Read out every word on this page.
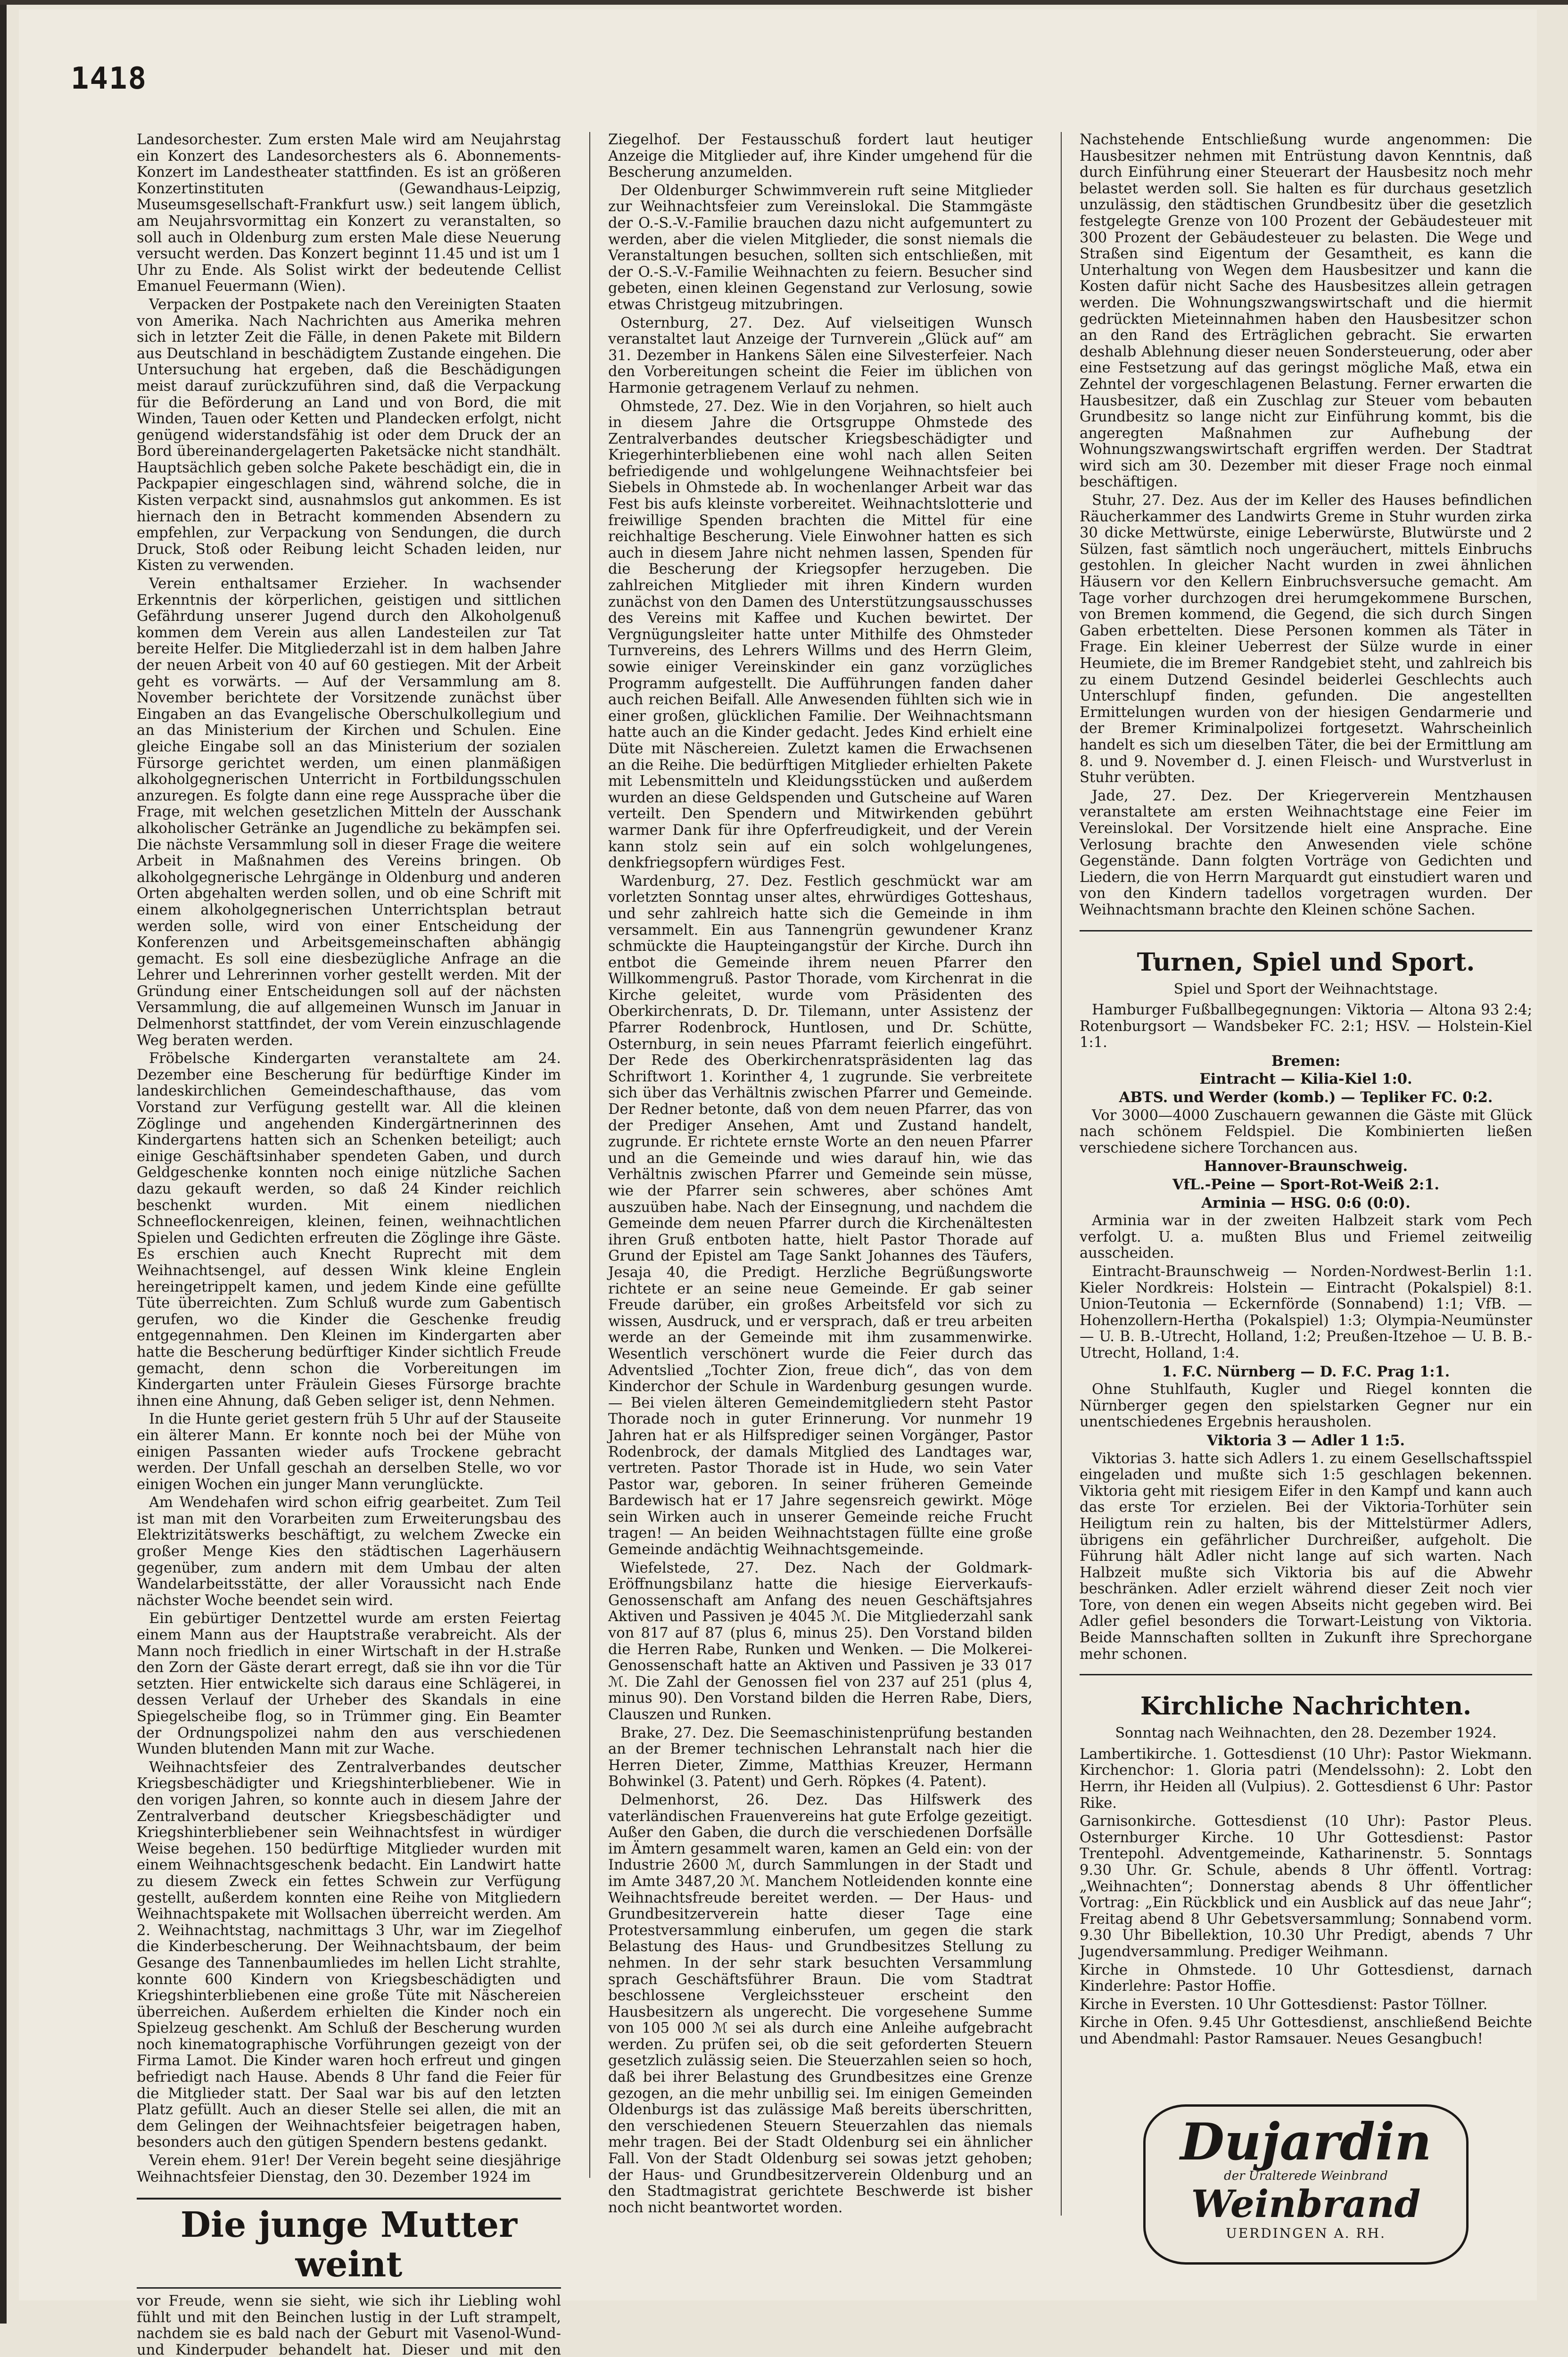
1418

Landesorchester. Zum ersten Male wird am Neujahrstag ein Konzert des Landesorchesters als 6. Abonnements-Konzert im Landestheater stattfinden. Es ist an größeren Konzertinstituten (Gewandhaus-Leipzig, Museumsgesellschaft-Frankfurt usw.) seit langem üblich, am Neujahrsvormittag ein Konzert zu veranstalten, so soll auch in Oldenburg zum ersten Male diese Neuerung versucht werden. Das Konzert beginnt 11.45 und ist um 1 Uhr zu Ende. Als Solist wirkt der bedeutende Cellist Emanuel Feuermann (Wien).

Verpacken der Postpakete nach den Vereinigten Staaten von Amerika. Nach Nachrichten aus Amerika mehren sich in letzter Zeit die Fälle, in denen Pakete mit Bildern aus Deutschland in beschädigtem Zustande eingehen. Die Untersuchung hat ergeben, daß die Beschädigungen meist darauf zurückzuführen sind, daß die Verpackung für die Beförderung an Land und von Bord, die mit Winden, Tauen oder Ketten und Plandecken erfolgt, nicht genügend widerstandsfähig ist oder dem Druck der an Bord übereinandergelagerten Paketsäcke nicht standhält. Hauptsächlich geben solche Pakete beschädigt ein, die in Packpapier eingeschlagen sind, während solche, die in Kisten verpackt sind, ausnahmslos gut ankommen. Es ist hiernach den in Betracht kommenden Absendern zu empfehlen, zur Verpackung von Sendungen, die durch Druck, Stoß oder Reibung leicht Schaden leiden, nur Kisten zu verwenden.

Verein enthaltsamer Erzieher. In wachsender Erkenntnis der körperlichen, geistigen und sittlichen Gefährdung unserer Jugend durch den Alkoholgenuß kommen dem Verein aus allen Landesteilen zur Tat bereite Helfer. Die Mitgliederzahl ist in dem halben Jahre der neuen Arbeit von 40 auf 60 gestiegen. Mit der Arbeit geht es vorwärts. — Auf der Versammlung am 8. November berichtete der Vorsitzende zunächst über Eingaben an das Evangelische Oberschulkollegium und an das Ministerium der Kirchen und Schulen. Eine gleiche Eingabe soll an das Ministerium der sozialen Fürsorge gerichtet werden, um einen planmäßigen alkoholgegnerischen Unterricht in Fortbildungsschulen anzuregen. Es folgte dann eine rege Aussprache über die Frage, mit welchen gesetzlichen Mitteln der Ausschank alkoholischer Getränke an Jugendliche zu bekämpfen sei. Die nächste Versammlung soll in dieser Frage die weitere Arbeit in Maßnahmen des Vereins bringen. Ob alkoholgegnerische Lehrgänge in Oldenburg und anderen Orten abgehalten werden sollen, und ob eine Schrift mit einem alkoholgegnerischen Unterrichtsplan betraut werden solle, wird von einer Entscheidung der Konferenzen und Arbeitsgemeinschaften abhängig gemacht. Es soll eine diesbezügliche Anfrage an die Lehrer und Lehrerinnen vorher gestellt werden. Mit der Gründung einer Entscheidungen soll auf der nächsten Versammlung, die auf allgemeinen Wunsch im Januar in Delmenhorst stattfindet, der vom Verein einzuschlagende Weg beraten werden.

Fröbelsche Kindergarten veranstaltete am 24. Dezember eine Bescherung für bedürftige Kinder im landeskirchlichen Gemeindeschafthause, das vom Vorstand zur Verfügung gestellt war. All die kleinen Zöglinge und angehenden Kindergärtnerinnen des Kindergartens hatten sich an Schenken beteiligt; auch einige Geschäftsinhaber spendeten Gaben, und durch Geldgeschenke konnten noch einige nützliche Sachen dazu gekauft werden, so daß 24 Kinder reichlich beschenkt wurden. Mit einem niedlichen Schneeflockenreigen, kleinen, feinen, weihnachtlichen Spielen und Gedichten erfreuten die Zöglinge ihre Gäste. Es erschien auch Knecht Ruprecht mit dem Weihnachtsengel, auf dessen Wink kleine Englein hereingetrippelt kamen, und jedem Kinde eine gefüllte Tüte überreichten. Zum Schluß wurde zum Gabentisch gerufen, wo die Kinder die Geschenke freudig entgegennahmen. Den Kleinen im Kindergarten aber hatte die Bescherung bedürftiger Kinder sichtlich Freude gemacht, denn schon die Vorbereitungen im Kindergarten unter Fräulein Gieses Fürsorge brachte ihnen eine Ahnung, daß Geben seliger ist, denn Nehmen.

In die Hunte geriet gestern früh 5 Uhr auf der Stauseite ein älterer Mann. Er konnte noch bei der Mühe von einigen Passanten wieder aufs Trockene gebracht werden. Der Unfall geschah an derselben Stelle, wo vor einigen Wochen ein junger Mann verunglückte.

Am Wendehafen wird schon eifrig gearbeitet. Zum Teil ist man mit den Vorarbeiten zum Erweiterungsbau des Elektrizitätswerks beschäftigt, zu welchem Zwecke ein großer Menge Kies den städtischen Lagerhäusern gegenüber, zum andern mit dem Umbau der alten Wandelarbeitsstätte, der aller Voraussicht nach Ende nächster Woche beendet sein wird.

Ein gebürtiger Dentzettel wurde am ersten Feiertag einem Mann aus der Hauptstraße verabreicht. Als der Mann noch friedlich in einer Wirtschaft in der H.straße den Zorn der Gäste derart erregt, daß sie ihn vor die Tür setzten. Hier entwickelte sich daraus eine Schlägerei, in dessen Verlauf der Urheber des Skandals in eine Spiegelscheibe flog, so in Trümmer ging. Ein Beamter der Ordnungspolizei nahm den aus verschiedenen Wunden blutenden Mann mit zur Wache.

Weihnachtsfeier des Zentralverbandes deutscher Kriegsbeschädigter und Kriegshinterbliebener. Wie in den vorigen Jahren, so konnte auch in diesem Jahre der Zentralverband deutscher Kriegsbeschädigter und Kriegshinterbliebener sein Weihnachtsfest in würdiger Weise begehen. 150 bedürftige Mitglieder wurden mit einem Weihnachtsgeschenk bedacht. Ein Landwirt hatte zu diesem Zweck ein fettes Schwein zur Verfügung gestellt, außerdem konnten eine Reihe von Mitgliedern Weihnachtspakete mit Wollsachen überreicht werden. Am 2. Weihnachtstag, nachmittags 3 Uhr, war im Ziegelhof die Kinderbescherung. Der Weihnachtsbaum, der beim Gesange des Tannenbaumliedes im hellen Licht strahlte, konnte 600 Kindern von Kriegsbeschädigten und Kriegshinterbliebenen eine große Tüte mit Näschereien überreichen. Außerdem erhielten die Kinder noch ein Spielzeug geschenkt. Am Schluß der Bescherung wurden noch kinematographische Vorführungen gezeigt von der Firma Lamot. Die Kinder waren hoch erfreut und gingen befriedigt nach Hause. Abends 8 Uhr fand die Feier für die Mitglieder statt. Der Saal war bis auf den letzten Platz gefüllt. Auch an dieser Stelle sei allen, die mit an dem Gelingen der Weihnachtsfeier beigetragen haben, besonders auch den gütigen Spendern bestens gedankt.

Verein ehem. 91er! Der Verein begeht seine diesjährige Weihnachtsfeier Dienstag, den 30. Dezember 1924 im

Die junge Mutter weint

vor Freude, wenn sie sieht, wie sich ihr Liebling wohl fühlt und mit den Beinchen lustig in der Luft strampelt, nachdem sie es bald nach der Geburt mit Vasenol-Wund- und Kinderpuder behandelt hat. Dieser und mit den

Ziegelhof. Der Festausschuß fordert laut heutiger Anzeige die Mitglieder auf, ihre Kinder umgehend für die Bescherung anzumelden.

Der Oldenburger Schwimmverein ruft seine Mitglieder zur Weihnachtsfeier zum Vereinslokal. Die Stammgäste der O.-S.-V.-Familie brauchen dazu nicht aufgemuntert zu werden, aber die vielen Mitglieder, die sonst niemals die Veranstaltungen besuchen, sollten sich entschließen, mit der O.-S.-V.-Familie Weihnachten zu feiern. Besucher sind gebeten, einen kleinen Gegenstand zur Verlosung, sowie etwas Christgeug mitzubringen.

Osternburg, 27. Dez. Auf vielseitigen Wunsch veranstaltet laut Anzeige der Turnverein „Glück auf“ am 31. Dezember in Hankens Sälen eine Silvesterfeier. Nach den Vorbereitungen scheint die Feier im üblichen von Harmonie getragenem Verlauf zu nehmen.

Ohmstede, 27. Dez. Wie in den Vorjahren, so hielt auch in diesem Jahre die Ortsgruppe Ohmstede des Zentralverbandes deutscher Kriegsbeschädigter und Kriegerhinterbliebenen eine wohl nach allen Seiten befriedigende und wohlgelungene Weihnachtsfeier bei Siebels in Ohmstede ab. In wochenlanger Arbeit war das Fest bis aufs kleinste vorbereitet. Weihnachtslotterie und freiwillige Spenden brachten die Mittel für eine reichhaltige Bescherung. Viele Einwohner hatten es sich auch in diesem Jahre nicht nehmen lassen, Spenden für die Bescherung der Kriegsopfer herzugeben. Die zahlreichen Mitglieder mit ihren Kindern wurden zunächst von den Damen des Unterstützungsausschusses des Vereins mit Kaffee und Kuchen bewirtet. Der Vergnügungsleiter hatte unter Mithilfe des Ohmsteder Turnvereins, des Lehrers Willms und des Herrn Gleim, sowie einiger Vereinskinder ein ganz vorzügliches Programm aufgestellt. Die Aufführungen fanden daher auch reichen Beifall. Alle Anwesenden fühlten sich wie in einer großen, glücklichen Familie. Der Weihnachtsmann hatte auch an die Kinder gedacht. Jedes Kind erhielt eine Düte mit Näschereien. Zuletzt kamen die Erwachsenen an die Reihe. Die bedürftigen Mitglieder erhielten Pakete mit Lebensmitteln und Kleidungsstücken und außerdem wurden an diese Geldspenden und Gutscheine auf Waren verteilt. Den Spendern und Mitwirkenden gebührt warmer Dank für ihre Opferfreudigkeit, und der Verein kann stolz sein auf ein solch wohlgelungenes, denkfriegsopfern würdiges Fest.

Wardenburg, 27. Dez. Festlich geschmückt war am vorletzten Sonntag unser altes, ehrwürdiges Gotteshaus, und sehr zahlreich hatte sich die Gemeinde in ihm versammelt. Ein aus Tannengrün gewundener Kranz schmückte die Haupteingangstür der Kirche. Durch ihn entbot die Gemeinde ihrem neuen Pfarrer den Willkommengruß. Pastor Thorade, vom Kirchenrat in die Kirche geleitet, wurde vom Präsidenten des Oberkirchenrats, D. Dr. Tilemann, unter Assistenz der Pfarrer Rodenbrock, Huntlosen, und Dr. Schütte, Osternburg, in sein neues Pfarramt feierlich eingeführt. Der Rede des Oberkirchenratspräsidenten lag das Schriftwort 1. Korinther 4, 1 zugrunde. Sie verbreitete sich über das Verhältnis zwischen Pfarrer und Gemeinde. Der Redner betonte, daß von dem neuen Pfarrer, das von der Prediger Ansehen, Amt und Zustand handelt, zugrunde. Er richtete ernste Worte an den neuen Pfarrer und an die Gemeinde und wies darauf hin, wie das Verhältnis zwischen Pfarrer und Gemeinde sein müsse, wie der Pfarrer sein schweres, aber schönes Amt auszuüben habe. Nach der Einsegnung, und nachdem die Gemeinde dem neuen Pfarrer durch die Kirchenältesten ihren Gruß entboten hatte, hielt Pastor Thorade auf Grund der Epistel am Tage Sankt Johannes des Täufers, Jesaja 40, die Predigt. Herzliche Begrüßungsworte richtete er an seine neue Gemeinde. Er gab seiner Freude darüber, ein großes Arbeitsfeld vor sich zu wissen, Ausdruck, und er versprach, daß er treu arbeiten werde an der Gemeinde mit ihm zusammenwirke. Wesentlich verschönert wurde die Feier durch das Adventslied „Tochter Zion, freue dich“, das von dem Kinderchor der Schule in Wardenburg gesungen wurde. — Bei vielen älteren Gemeindemitgliedern steht Pastor Thorade noch in guter Erinnerung. Vor nunmehr 19 Jahren hat er als Hilfsprediger seinen Vorgänger, Pastor Rodenbrock, der damals Mitglied des Landtages war, vertreten. Pastor Thorade ist in Hude, wo sein Vater Pastor war, geboren. In seiner früheren Gemeinde Bardewisch hat er 17 Jahre segensreich gewirkt. Möge sein Wirken auch in unserer Gemeinde reiche Frucht tragen! — An beiden Weihnachtstagen füllte eine große Gemeinde andächtig Weihnachtsgemeinde.

Wiefelstede, 27. Dez. Nach der Goldmark-Eröffnungsbilanz hatte die hiesige Eierverkaufs-Genossenschaft am Anfang des neuen Geschäftsjahres Aktiven und Passiven je 4045 ℳ. Die Mitgliederzahl sank von 817 auf 87 (plus 6, minus 25). Den Vorstand bilden die Herren Rabe, Runken und Wenken. — Die Molkerei-Genossenschaft hatte an Aktiven und Passiven je 33 017 ℳ. Die Zahl der Genossen fiel von 237 auf 251 (plus 4, minus 90). Den Vorstand bilden die Herren Rabe, Diers, Clauszen und Runken.

Brake, 27. Dez. Die Seemaschinistenprüfung bestanden an der Bremer technischen Lehranstalt nach hier die Herren Dieter, Zimme, Matthias Kreuzer, Hermann Bohwinkel (3. Patent) und Gerh. Röpkes (4. Patent).

Delmenhorst, 26. Dez. Das Hilfswerk des vaterländischen Frauenvereins hat gute Erfolge gezeitigt. Außer den Gaben, die durch die verschiedenen Dorfsälle im Ämtern gesammelt waren, kamen an Geld ein: von der Industrie 2600 ℳ, durch Sammlungen in der Stadt und im Amte 3487,20 ℳ. Manchem Notleidenden konnte eine Weihnachtsfreude bereitet werden. — Der Haus- und Grundbesitzerverein hatte dieser Tage eine Protestversammlung einberufen, um gegen die stark Belastung des Haus- und Grundbesitzes Stellung zu nehmen. In der sehr stark besuchten Versammlung sprach Geschäftsführer Braun. Die vom Stadtrat beschlossene Vergleichssteuer erscheint den Hausbesitzern als ungerecht. Die vorgesehene Summe von 105 000 ℳ sei als durch eine Anleihe aufgebracht werden. Zu prüfen sei, ob die seit geforderten Steuern gesetzlich zulässig seien. Die Steuerzahlen seien so hoch, daß bei ihrer Belastung des Grundbesitzes eine Grenze gezogen, an die mehr unbillig sei. Im einigen Gemeinden Oldenburgs ist das zulässige Maß bereits überschritten, den verschiedenen Steuern Steuerzahlen das niemals mehr tragen. Bei der Stadt Oldenburg sei ein ähnlicher Fall. Von der Stadt Oldenburg sei sowas jetzt gehoben; der Haus- und Grundbesitzerverein Oldenburg und an den Stadtmagistrat gerichtete Beschwerde ist bisher noch nicht beantwortet worden.

Nachstehende Entschließung wurde angenommen: Die Hausbesitzer nehmen mit Entrüstung davon Kenntnis, daß durch Einführung einer Steuerart der Hausbesitz noch mehr belastet werden soll. Sie halten es für durchaus gesetzlich unzulässig, den städtischen Grundbesitz über die gesetzlich festgelegte Grenze von 100 Prozent der Gebäudesteuer mit 300 Prozent der Gebäudesteuer zu belasten. Die Wege und Straßen sind Eigentum der Gesamtheit, es kann die Unterhaltung von Wegen dem Hausbesitzer und kann die Kosten dafür nicht Sache des Hausbesitzes allein getragen werden. Die Wohnungszwangswirtschaft und die hiermit gedrückten Mieteinnahmen haben den Hausbesitzer schon an den Rand des Erträglichen gebracht. Sie erwarten deshalb Ablehnung dieser neuen Sondersteuerung, oder aber eine Festsetzung auf das geringst mögliche Maß, etwa ein Zehntel der vorgeschlagenen Belastung. Ferner erwarten die Hausbesitzer, daß ein Zuschlag zur Steuer vom bebauten Grundbesitz so lange nicht zur Einführung kommt, bis die angeregten Maßnahmen zur Aufhebung der Wohnungszwangswirtschaft ergriffen werden. Der Stadtrat wird sich am 30. Dezember mit dieser Frage noch einmal beschäftigen.

Stuhr, 27. Dez. Aus der im Keller des Hauses befindlichen Räucherkammer des Landwirts Greme in Stuhr wurden zirka 30 dicke Mettwürste, einige Leberwürste, Blutwürste und 2 Sülzen, fast sämtlich noch ungeräuchert, mittels Einbruchs gestohlen. In gleicher Nacht wurden in zwei ähnlichen Häusern vor den Kellern Einbruchsversuche gemacht. Am Tage vorher durchzogen drei herumgekommene Burschen, von Bremen kommend, die Gegend, die sich durch Singen Gaben erbettelten. Diese Personen kommen als Täter in Frage. Ein kleiner Ueberrest der Sülze wurde in einer Heumiete, die im Bremer Randgebiet steht, und zahlreich bis zu einem Dutzend Gesindel beiderlei Geschlechts auch Unterschlupf finden, gefunden. Die angestellten Ermittelungen wurden von der hiesigen Gendarmerie und der Bremer Kriminalpolizei fortgesetzt. Wahrscheinlich handelt es sich um dieselben Täter, die bei der Ermittlung am 8. und 9. November d. J. einen Fleisch- und Wurstverlust in Stuhr verübten.

Jade, 27. Dez. Der Kriegerverein Mentzhausen veranstaltete am ersten Weihnachtstage eine Feier im Vereinslokal. Der Vorsitzende hielt eine Ansprache. Eine Verlosung brachte den Anwesenden viele schöne Gegenstände. Dann folgten Vorträge von Gedichten und Liedern, die von Herrn Marquardt gut einstudiert waren und von den Kindern tadellos vorgetragen wurden. Der Weihnachtsmann brachte den Kleinen schöne Sachen.

Turnen, Spiel und Sport.
Spiel und Sport der Weihnachtstage.

Hamburger Fußballbegegnungen: Viktoria — Altona 93 2:4; Rotenburgsort — Wandsbeker FC. 2:1; HSV. — Holstein-Kiel 1:1.

Bremen:

Eintracht — Kilia-Kiel 1:0.

ABTS. und Werder (komb.) — Tepliker FC. 0:2.

Vor 3000—4000 Zuschauern gewannen die Gäste mit Glück nach schönem Feldspiel. Die Kombinierten ließen verschiedene sichere Torchancen aus.

Hannover-Braunschweig.

VfL.-Peine — Sport-Rot-Weiß 2:1.

Arminia — HSG. 0:6 (0:0).

Arminia war in der zweiten Halbzeit stark vom Pech verfolgt. U. a. mußten Blus und Friemel zeitweilig ausscheiden.

Eintracht-Braunschweig — Norden-Nordwest-Berlin 1:1. Kieler Nordkreis: Holstein — Eintracht (Pokalspiel) 8:1. Union-Teutonia — Eckernförde (Sonnabend) 1:1; VfB. — Hohenzollern-Hertha (Pokalspiel) 1:3; Olympia-Neumünster — U. B. B.-Utrecht, Holland, 1:2; Preußen-Itzehoe — U. B. B.-Utrecht, Holland, 1:4.

1. F.C. Nürnberg — D. F.C. Prag 1:1.

Ohne Stuhlfauth, Kugler und Riegel konnten die Nürnberger gegen den spielstarken Gegner nur ein unentschiedenes Ergebnis herausholen.

Viktoria 3 — Adler 1 1:5.

Viktorias 3. hatte sich Adlers 1. zu einem Gesellschaftsspiel eingeladen und mußte sich 1:5 geschlagen bekennen. Viktoria geht mit riesigem Eifer in den Kampf und kann auch das erste Tor erzielen. Bei der Viktoria-Torhüter sein Heiligtum rein zu halten, bis der Mittelstürmer Adlers, übrigens ein gefährlicher Durchreißer, aufgeholt. Die Führung hält Adler nicht lange auf sich warten. Nach Halbzeit mußte sich Viktoria bis auf die Abwehr beschränken. Adler erzielt während dieser Zeit noch vier Tore, von denen ein wegen Abseits nicht gegeben wird. Bei Adler gefiel besonders die Torwart-Leistung von Viktoria. Beide Mannschaften sollten in Zukunft ihre Sprechorgane mehr schonen.

Kirchliche Nachrichten.
Sonntag nach Weihnachten, den 28. Dezember 1924.

Lambertikirche. 1. Gottesdienst (10 Uhr): Pastor Wiekmann. Kirchenchor: 1. Gloria patri (Mendelssohn): 2. Lobt den Herrn, ihr Heiden all (Vulpius). 2. Gottesdienst 6 Uhr: Pastor Rike.

Garnisonkirche. Gottesdienst (10 Uhr): Pastor Pleus. Osternburger Kirche. 10 Uhr Gottesdienst: Pastor Trentepohl. Adventgemeinde, Katharinenstr. 5. Sonntags 9.30 Uhr. Gr. Schule, abends 8 Uhr öffentl. Vortrag: „Weihnachten“; Donnerstag abends 8 Uhr öffentlicher Vortrag: „Ein Rückblick und ein Ausblick auf das neue Jahr“; Freitag abend 8 Uhr Gebetsversammlung; Sonnabend vorm. 9.30 Uhr Bibellektion, 10.30 Uhr Predigt, abends 7 Uhr Jugendversammlung. Prediger Weihmann.

Kirche in Ohmstede. 10 Uhr Gottesdienst, darnach Kinderlehre: Pastor Hoffie.

Kirche in Eversten. 10 Uhr Gottesdienst: Pastor Töllner.

Kirche in Ofen. 9.45 Uhr Gottesdienst, anschließend Beichte und Abendmahl: Pastor Ramsauer. Neues Gesangbuch!

Dujardin
der Uralterede Weinbrand
Weinbrand
UERDINGEN A. RH.
